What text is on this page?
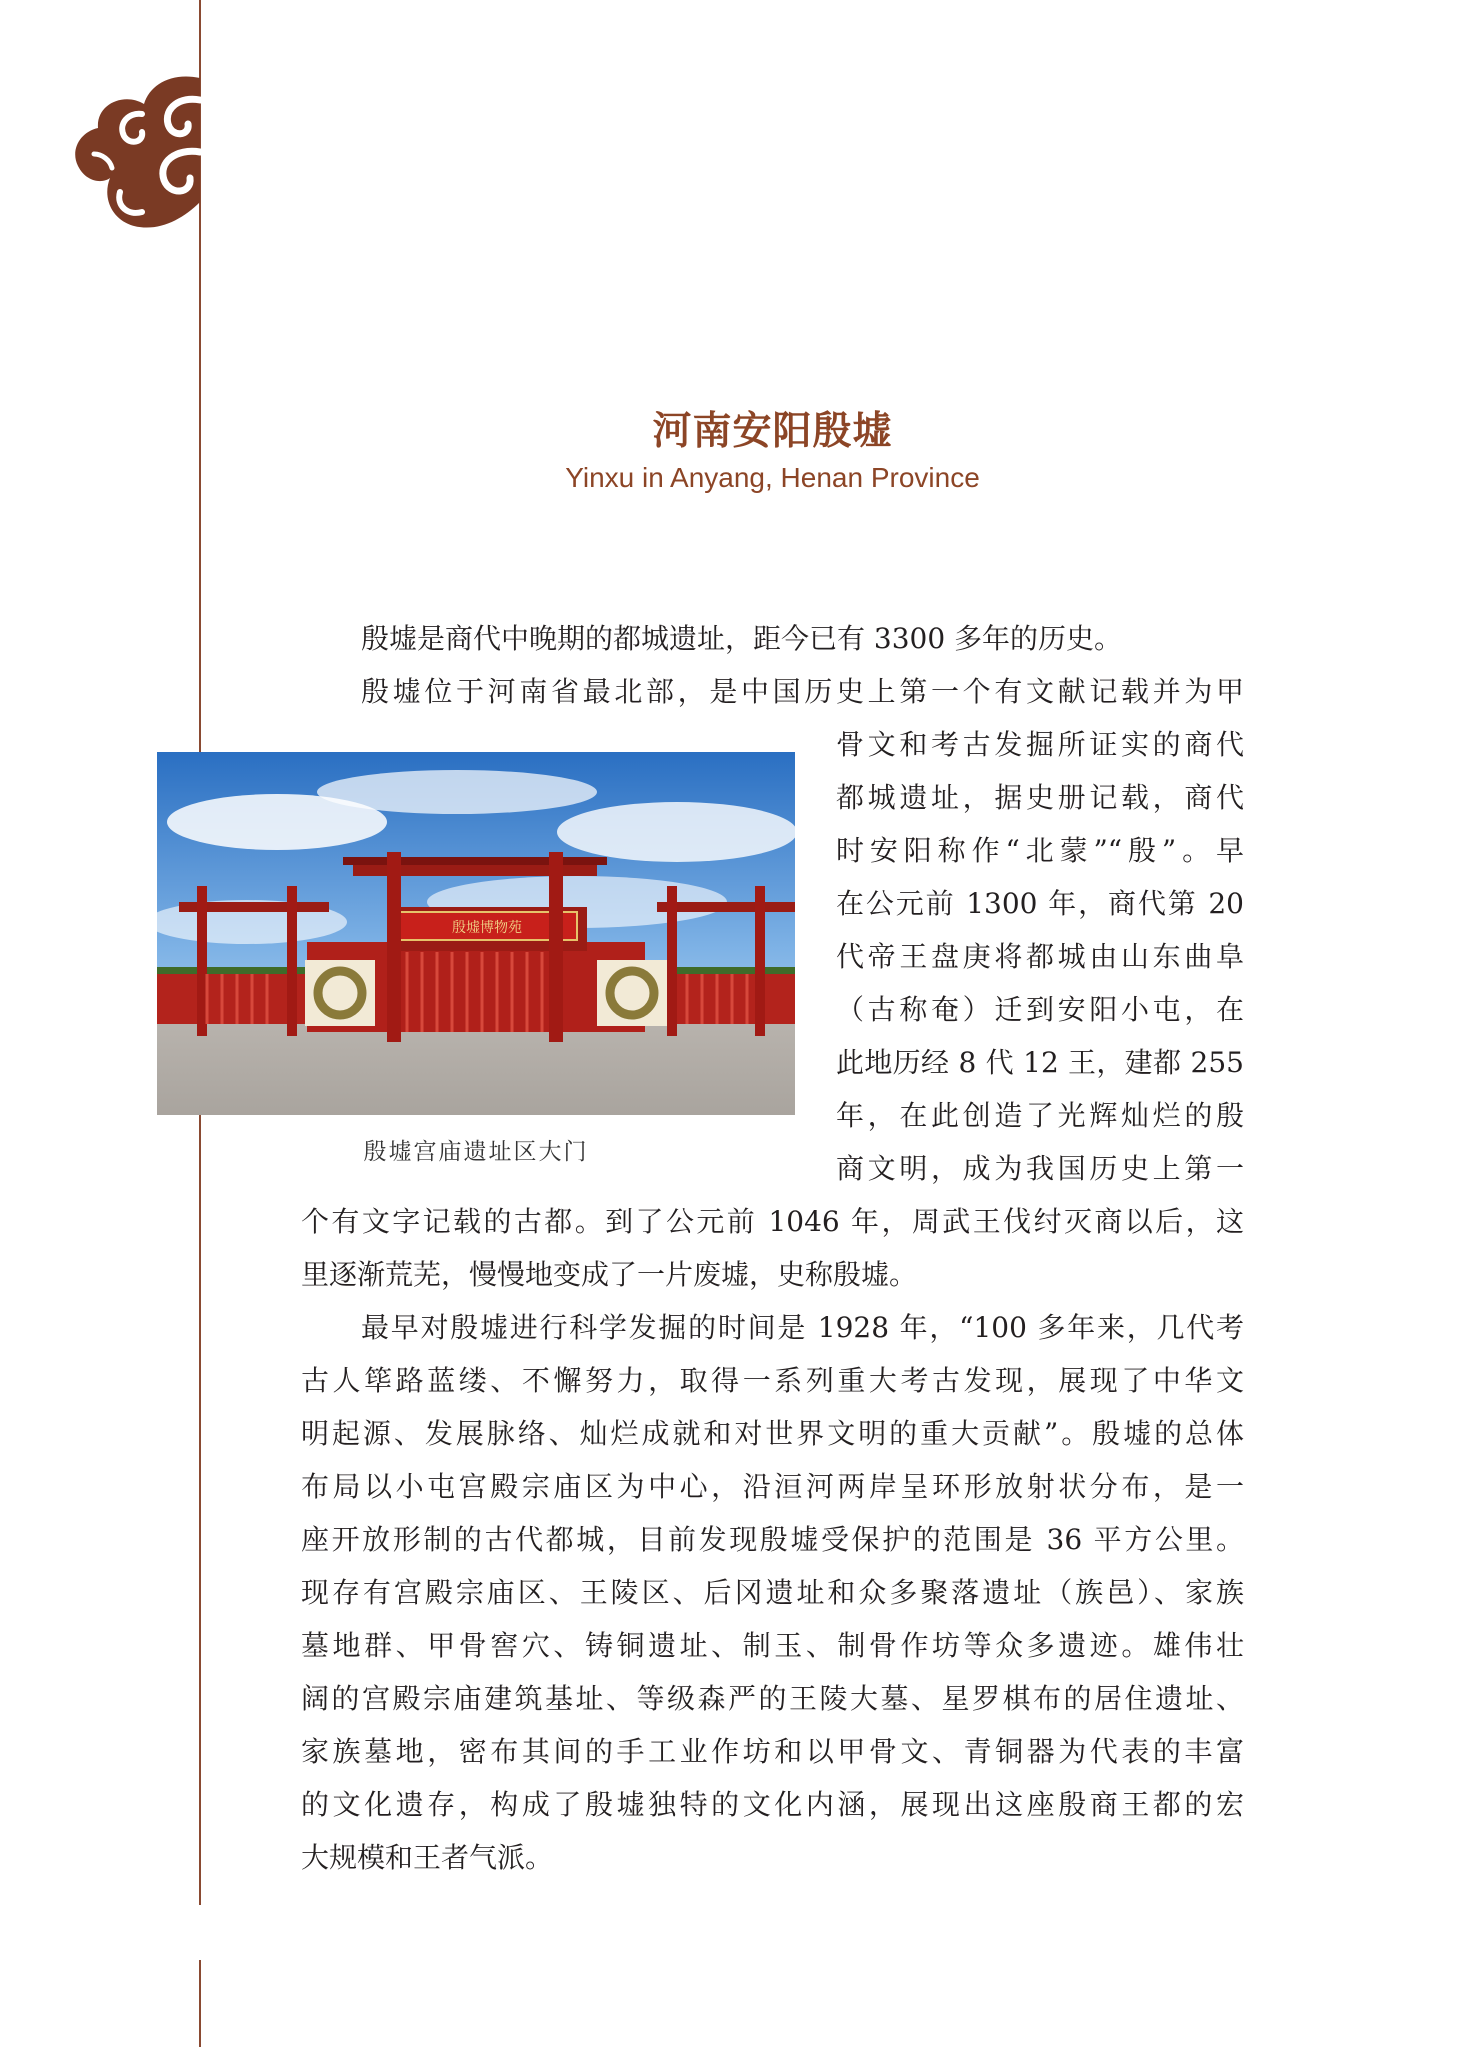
河南安阳殷墟
Yinxu in Anyang, Henan Province
殷墟是商代中晚期的都城遗址，距今已有 3300 多年的历史。
殷墟位于河南省最北部，是中国历史上第一个有文献记载并为甲
骨文和考古发掘所证实的商代
都城遗址，据史册记载，商代
时安阳称作“北蒙”“殷”。早
在公元前 1300 年，商代第 20
代帝王盘庚将都城由山东曲阜
（古称奄）迁到安阳小屯，在
此地历经 8 代 12 王，建都 255
年，在此创造了光辉灿烂的殷
商文明，成为我国历史上第一
殷墟博物苑
殷墟宫庙遗址区大门
个有文字记载的古都。到了公元前 1046 年，周武王伐纣灭商以后，这
里逐渐荒芜，慢慢地变成了一片废墟，史称殷墟。
最早对殷墟进行科学发掘的时间是 1928 年，“100 多年来，几代考
古人筚路蓝缕、不懈努力，取得一系列重大考古发现，展现了中华文
明起源、发展脉络、灿烂成就和对世界文明的重大贡献”。殷墟的总体
布局以小屯宫殿宗庙区为中心，沿洹河两岸呈环形放射状分布，是一
座开放形制的古代都城，目前发现殷墟受保护的范围是 36 平方公里。
现存有宫殿宗庙区、王陵区、后冈遗址和众多聚落遗址（族邑）、家族
墓地群、甲骨窖穴、铸铜遗址、制玉、制骨作坊等众多遗迹。雄伟壮
阔的宫殿宗庙建筑基址、等级森严的王陵大墓、星罗棋布的居住遗址、
家族墓地，密布其间的手工业作坊和以甲骨文、青铜器为代表的丰富
的文化遗存，构成了殷墟独特的文化内涵，展现出这座殷商王都的宏
大规模和王者气派。
